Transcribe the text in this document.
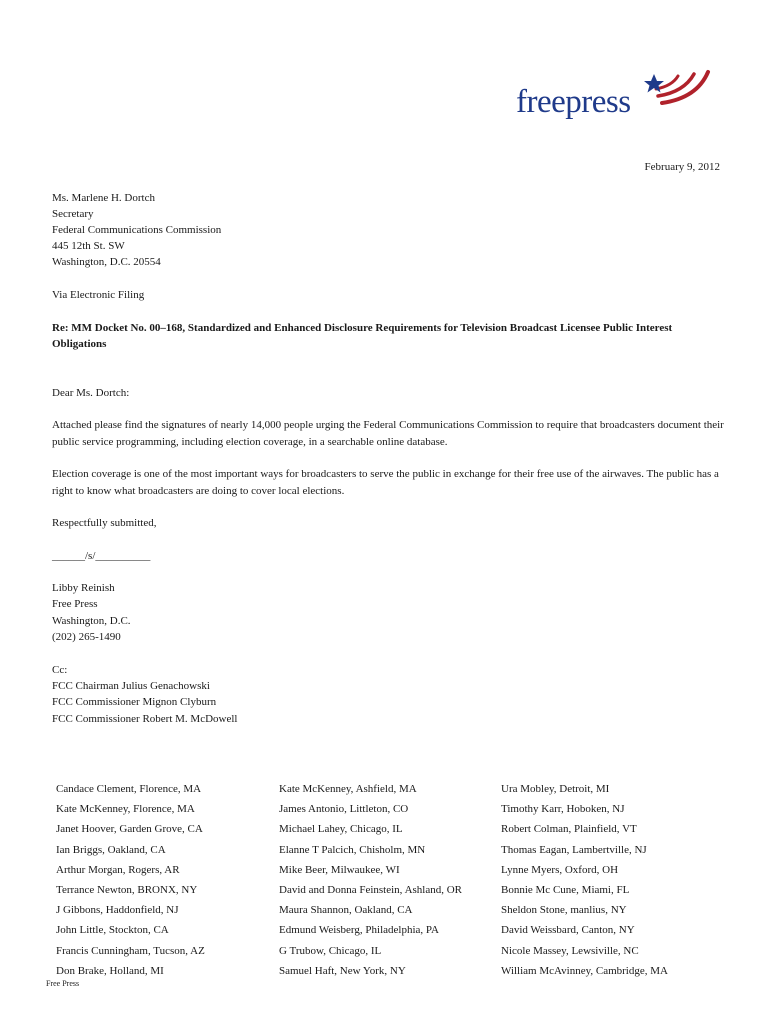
freepress
February 9, 2012
Ms. Marlene H. Dortch
Secretary
Federal Communications Commission
445 12th St. SW
Washington, D.C. 20554
Via Electronic Filing
Re: MM Docket No. 00–168, Standardized and Enhanced Disclosure Requirements for Television Broadcast Licensee Public Interest
Obligations
Dear Ms. Dortch:
Attached please find the signatures of nearly 14,000 people urging the Federal Communications Commission to require that broadcasters document their public service programming, including election coverage, in a searchable online database.
Election coverage is one of the most important ways for broadcasters to serve the public in exchange for their free use of the airwaves. The public has a right to know what broadcasters are doing to cover local elections.
Respectfully submitted,
______/s/__________
Libby Reinish
Free Press
Washington, D.C.
(202) 265-1490
Cc:
FCC Chairman Julius Genachowski
FCC Commissioner Mignon Clyburn
FCC Commissioner Robert M. McDowell
Candace Clement, Florence, MA
Kate McKenney, Florence, MA
Janet Hoover, Garden Grove, CA
Ian Briggs, Oakland, CA
Arthur Morgan, Rogers, AR
Terrance Newton, BRONX, NY
J Gibbons, Haddonfield, NJ
John Little, Stockton, CA
Francis Cunningham, Tucson, AZ
Don Brake, Holland, MI
Kate McKenney, Ashfield, MA
James Antonio, Littleton, CO
Michael Lahey, Chicago, IL
Elanne T Palcich, Chisholm, MN
Mike Beer, Milwaukee, WI
David and Donna Feinstein, Ashland, OR
Maura Shannon, Oakland, CA
Edmund Weisberg, Philadelphia, PA
G Trubow, Chicago, IL
Samuel Haft, New York, NY
Ura Mobley, Detroit, MI
Timothy Karr, Hoboken, NJ
Robert Colman, Plainfield, VT
Thomas Eagan, Lambertville, NJ
Lynne Myers, Oxford, OH
Bonnie Mc Cune, Miami, FL
Sheldon Stone, manlius, NY
David Weissbard, Canton, NY
Nicole Massey, Lewsiville, NC
William McAvinney, Cambridge, MA
Free Press
